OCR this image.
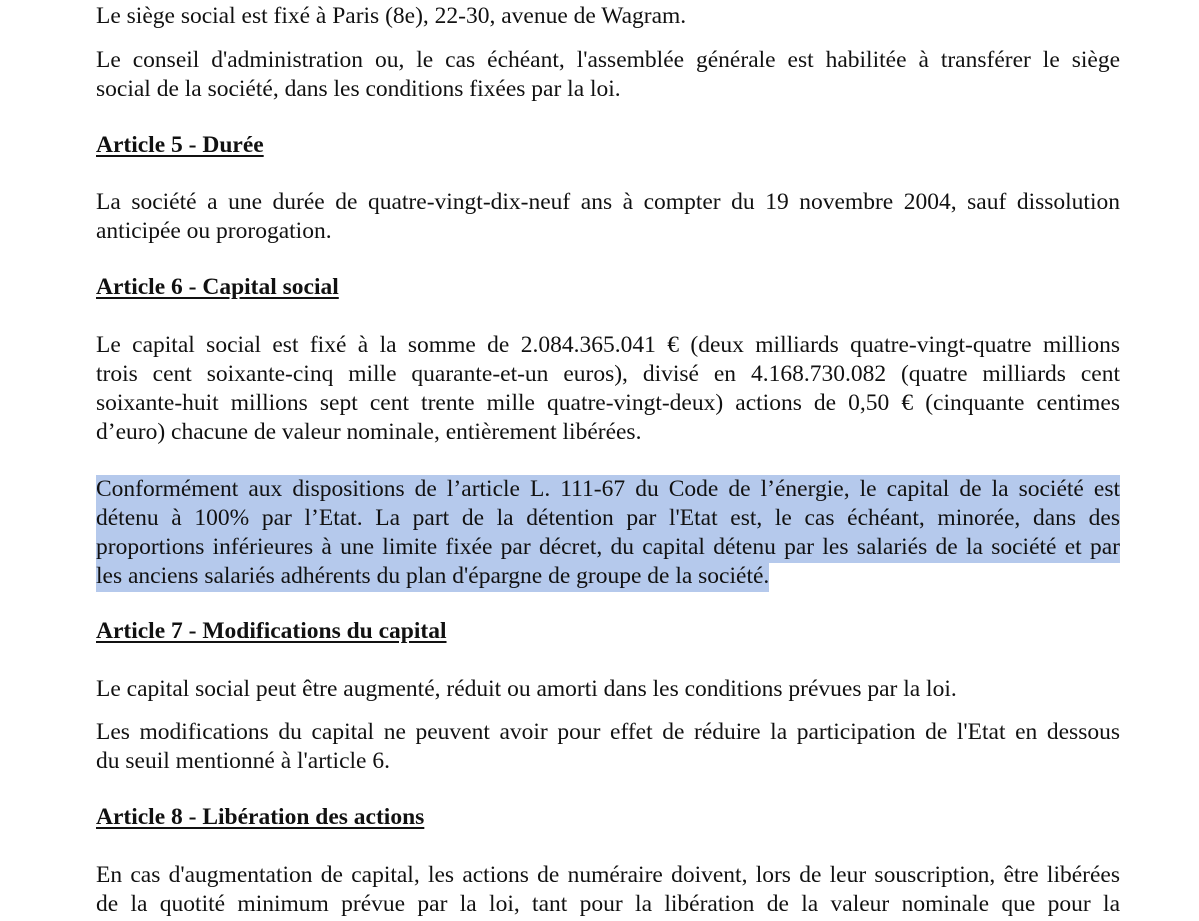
Le siège social est fixé à Paris (8e), 22-30, avenue de Wagram.
Le conseil d'administration ou, le cas échéant, l'assemblée générale est habilitée à transférer le siège
social de la société, dans les conditions fixées par la loi.
Article 5 - Durée
La société a une durée de quatre-vingt-dix-neuf ans à compter du 19 novembre 2004, sauf dissolution
anticipée ou prorogation.
Article 6 - Capital social
Le capital social est fixé à la somme de 2.084.365.041 € (deux milliards quatre-vingt-quatre millions
trois cent soixante-cinq mille quarante-et-un euros), divisé en 4.168.730.082 (quatre milliards cent
soixante-huit millions sept cent trente mille quatre-vingt-deux) actions de 0,50 € (cinquante centimes
d’euro) chacune de valeur nominale, entièrement libérées.
Conformément aux dispositions de l’article L. 111-67 du Code de l’énergie, le capital de la société est
détenu à 100% par l’Etat. La part de la détention par l'Etat est, le cas échéant, minorée, dans des
proportions inférieures à une limite fixée par décret, du capital détenu par les salariés de la société et par
les anciens salariés adhérents du plan d'épargne de groupe de la société.
Article 7 - Modifications du capital
Le capital social peut être augmenté, réduit ou amorti dans les conditions prévues par la loi.
Les modifications du capital ne peuvent avoir pour effet de réduire la participation de l'Etat en dessous
du seuil mentionné à l'article 6.
Article 8 - Libération des actions
En cas d'augmentation de capital, les actions de numéraire doivent, lors de leur souscription, être libérées
de la quotité minimum prévue par la loi, tant pour la libération de la valeur nominale que pour la
